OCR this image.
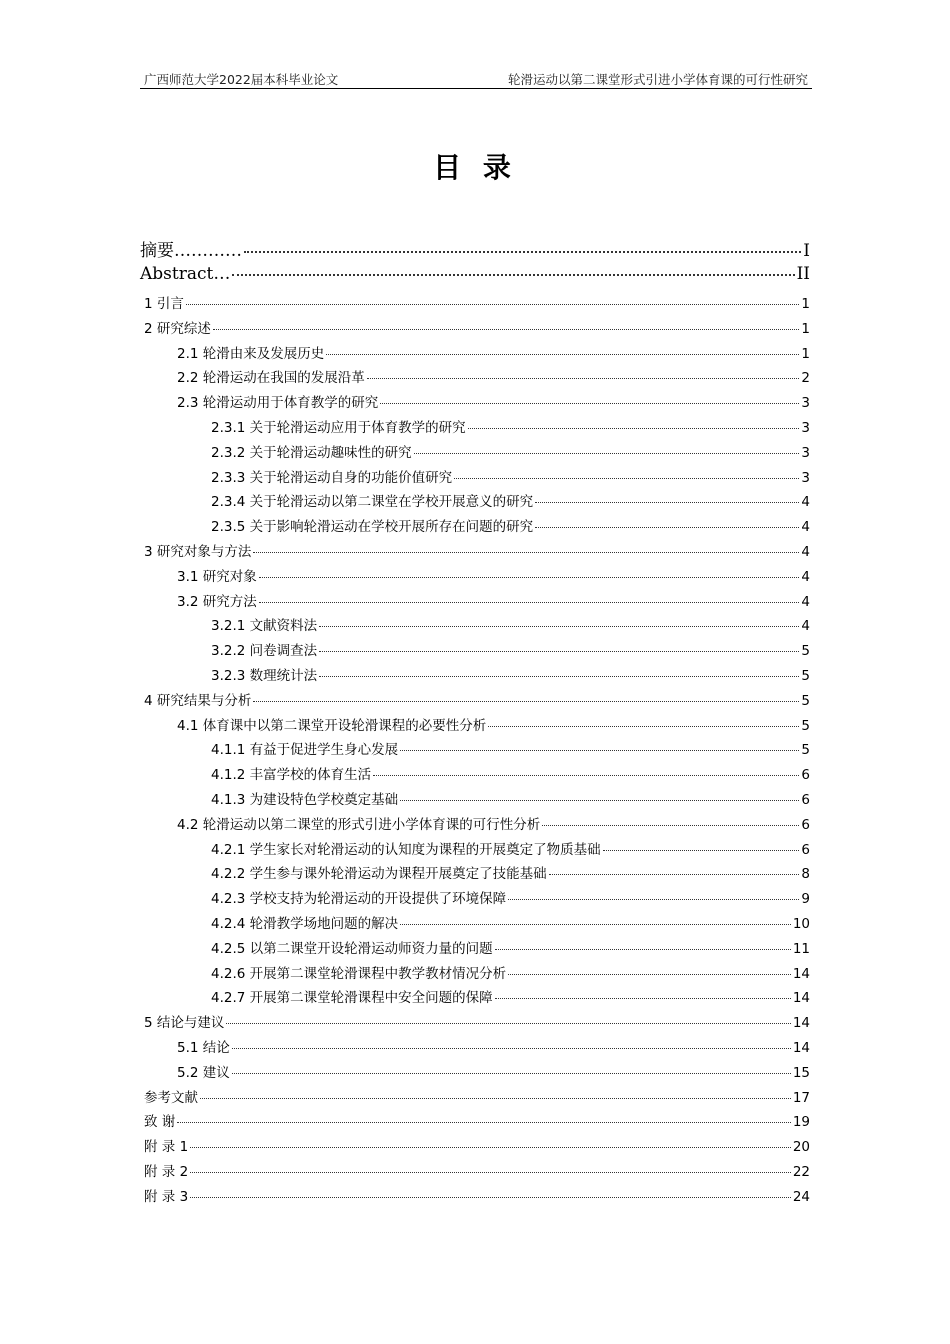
广西师范大学2022届本科毕业论文	轮滑运动以第二课堂形式引进小学体育课的可行性研究
目 录
摘要…………	I
Abstract…	II
1 引言	1
2 研究综述	1
2.1 轮滑由来及发展历史	1
2.2 轮滑运动在我国的发展沿革	2
2.3 轮滑运动用于体育教学的研究	3
2.3.1 关于轮滑运动应用于体育教学的研究	3
2.3.2 关于轮滑运动趣味性的研究	3
2.3.3 关于轮滑运动自身的功能价值研究	3
2.3.4 关于轮滑运动以第二课堂在学校开展意义的研究	4
2.3.5 关于影响轮滑运动在学校开展所存在问题的研究	4
3 研究对象与方法	4
3.1 研究对象	4
3.2 研究方法	4
3.2.1 文献资料法	4
3.2.2 问卷调查法	5
3.2.3 数理统计法	5
4 研究结果与分析	5
4.1 体育课中以第二课堂开设轮滑课程的必要性分析	5
4.1.1 有益于促进学生身心发展	5
4.1.2 丰富学校的体育生活	6
4.1.3 为建设特色学校奠定基础	6
4.2 轮滑运动以第二课堂的形式引进小学体育课的可行性分析	6
4.2.1 学生家长对轮滑运动的认知度为课程的开展奠定了物质基础	6
4.2.2 学生参与课外轮滑运动为课程开展奠定了技能基础	8
4.2.3 学校支持为轮滑运动的开设提供了环境保障	9
4.2.4 轮滑教学场地问题的解决	10
4.2.5 以第二课堂开设轮滑运动师资力量的问题	11
4.2.6 开展第二课堂轮滑课程中教学教材情况分析	14
4.2.7 开展第二课堂轮滑课程中安全问题的保障	14
5 结论与建议	14
5.1 结论	14
5.2 建议	15
参考文献	17
致 谢	19
附 录 1	20
附 录 2	22
附 录 3	24
